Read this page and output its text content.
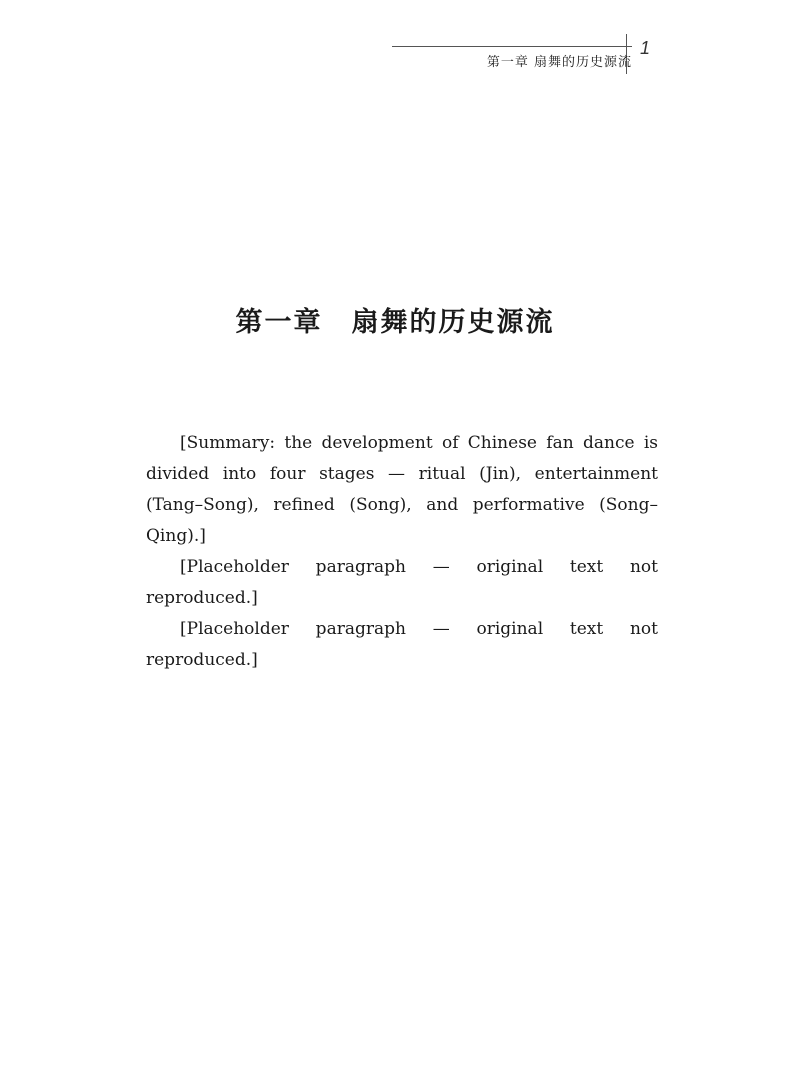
第一章 扇舞的历史源流
1
第一章　扇舞的历史源流

[Summary: the development of Chinese fan dance is divided into four stages — ritual (Jin), entertainment (Tang–Song), refined (Song), and performative (Song–Qing).]

[Placeholder paragraph — original text not reproduced.]

[Placeholder paragraph — original text not reproduced.]
